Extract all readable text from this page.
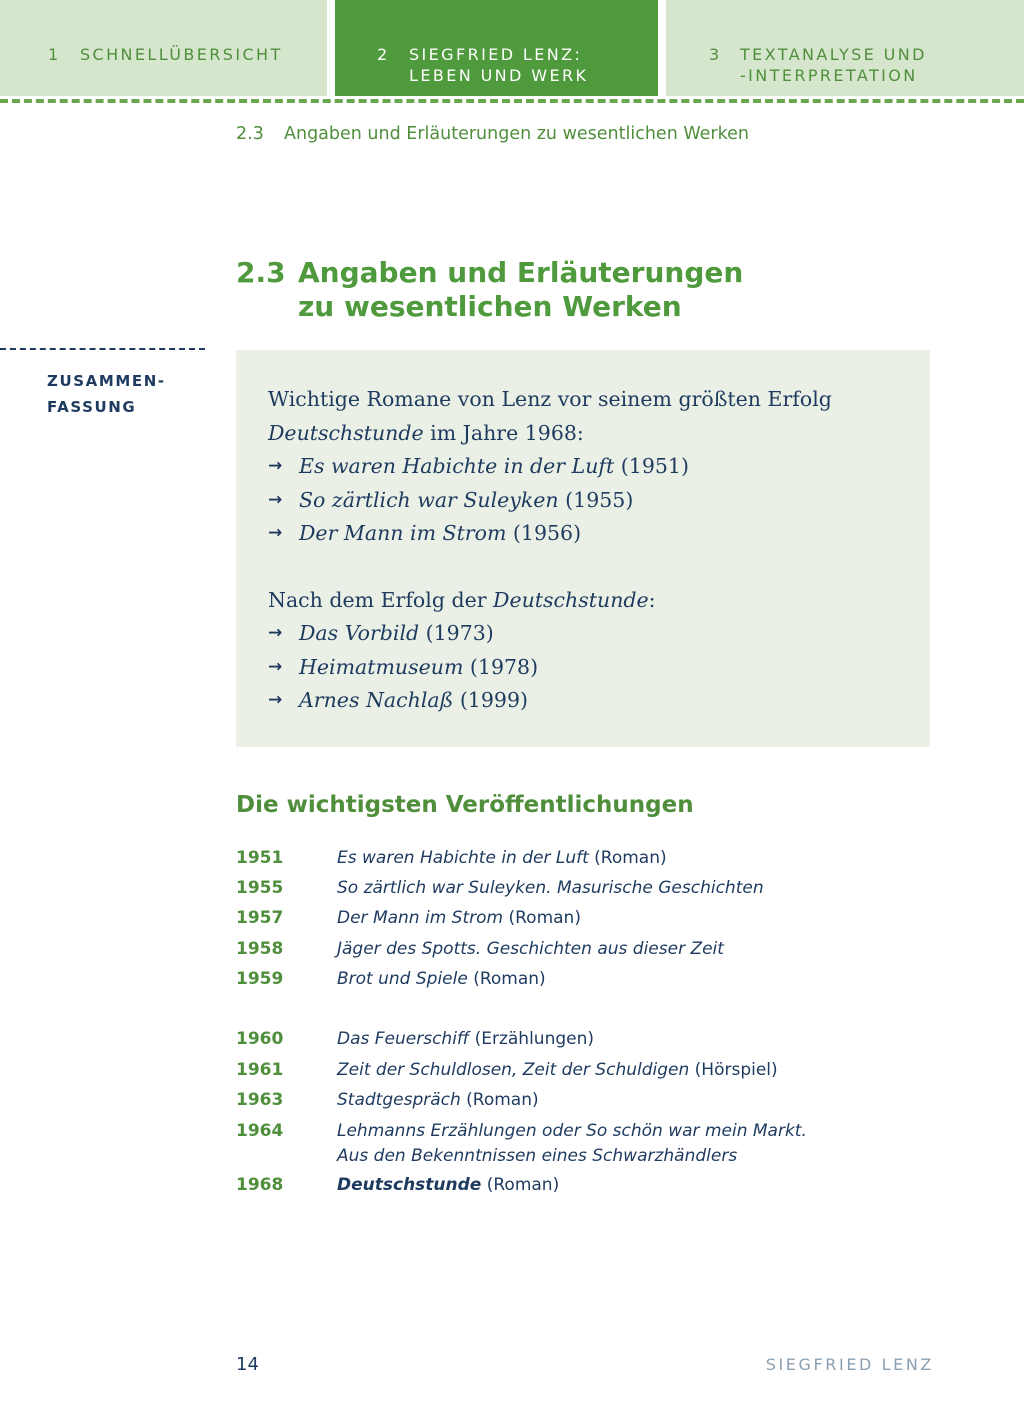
1	SCHNELLÜBERSICHT	2	SIEGFRIED LENZ:
LEBEN UND WERK
3	TEXTANALYSE UND
-INTERPRETATION
2.3 Angaben und Erläuterungen zu wesentlichen Werken
2.3 Angaben und Erläuterungen
zu wesentlichen Werken
ZUSAMMEN-
FASSUNG	Wichtige Romane von Lenz vor seinem größten Erfolg
Deutschstunde im Jahre 1968:

→ Es waren Habichte in der Luft (1951)
→ So zärtlich war Suleyken (1955)
→ Der Mann im Strom (1956)

Nach dem Erfolg der Deutschstunde:

→ Das Vorbild (1973)
→ Heimatmuseum (1978)
→ Arnes Nachlaß (1999)
Die wichtigsten Veröffentlichungen
1951	Es waren Habichte in der Luft (Roman)
1955	So zärtlich war Suleyken. Masurische Geschichten
1957	Der Mann im Strom (Roman)
1958	Jäger des Spotts. Geschichten aus dieser Zeit
1959	Brot und Spiele (Roman)
1960	Das Feuerschiff (Erzählungen)
1961	Zeit der Schuldlosen, Zeit der Schuldigen (Hörspiel)
1963	Stadtgespräch (Roman)
1964	Lehmanns Erzählungen oder So schön war mein Markt.
Aus den Bekenntnissen eines Schwarzhändlers
1968	Deutschstunde (Roman)
14	SIEGFRIED LENZ
